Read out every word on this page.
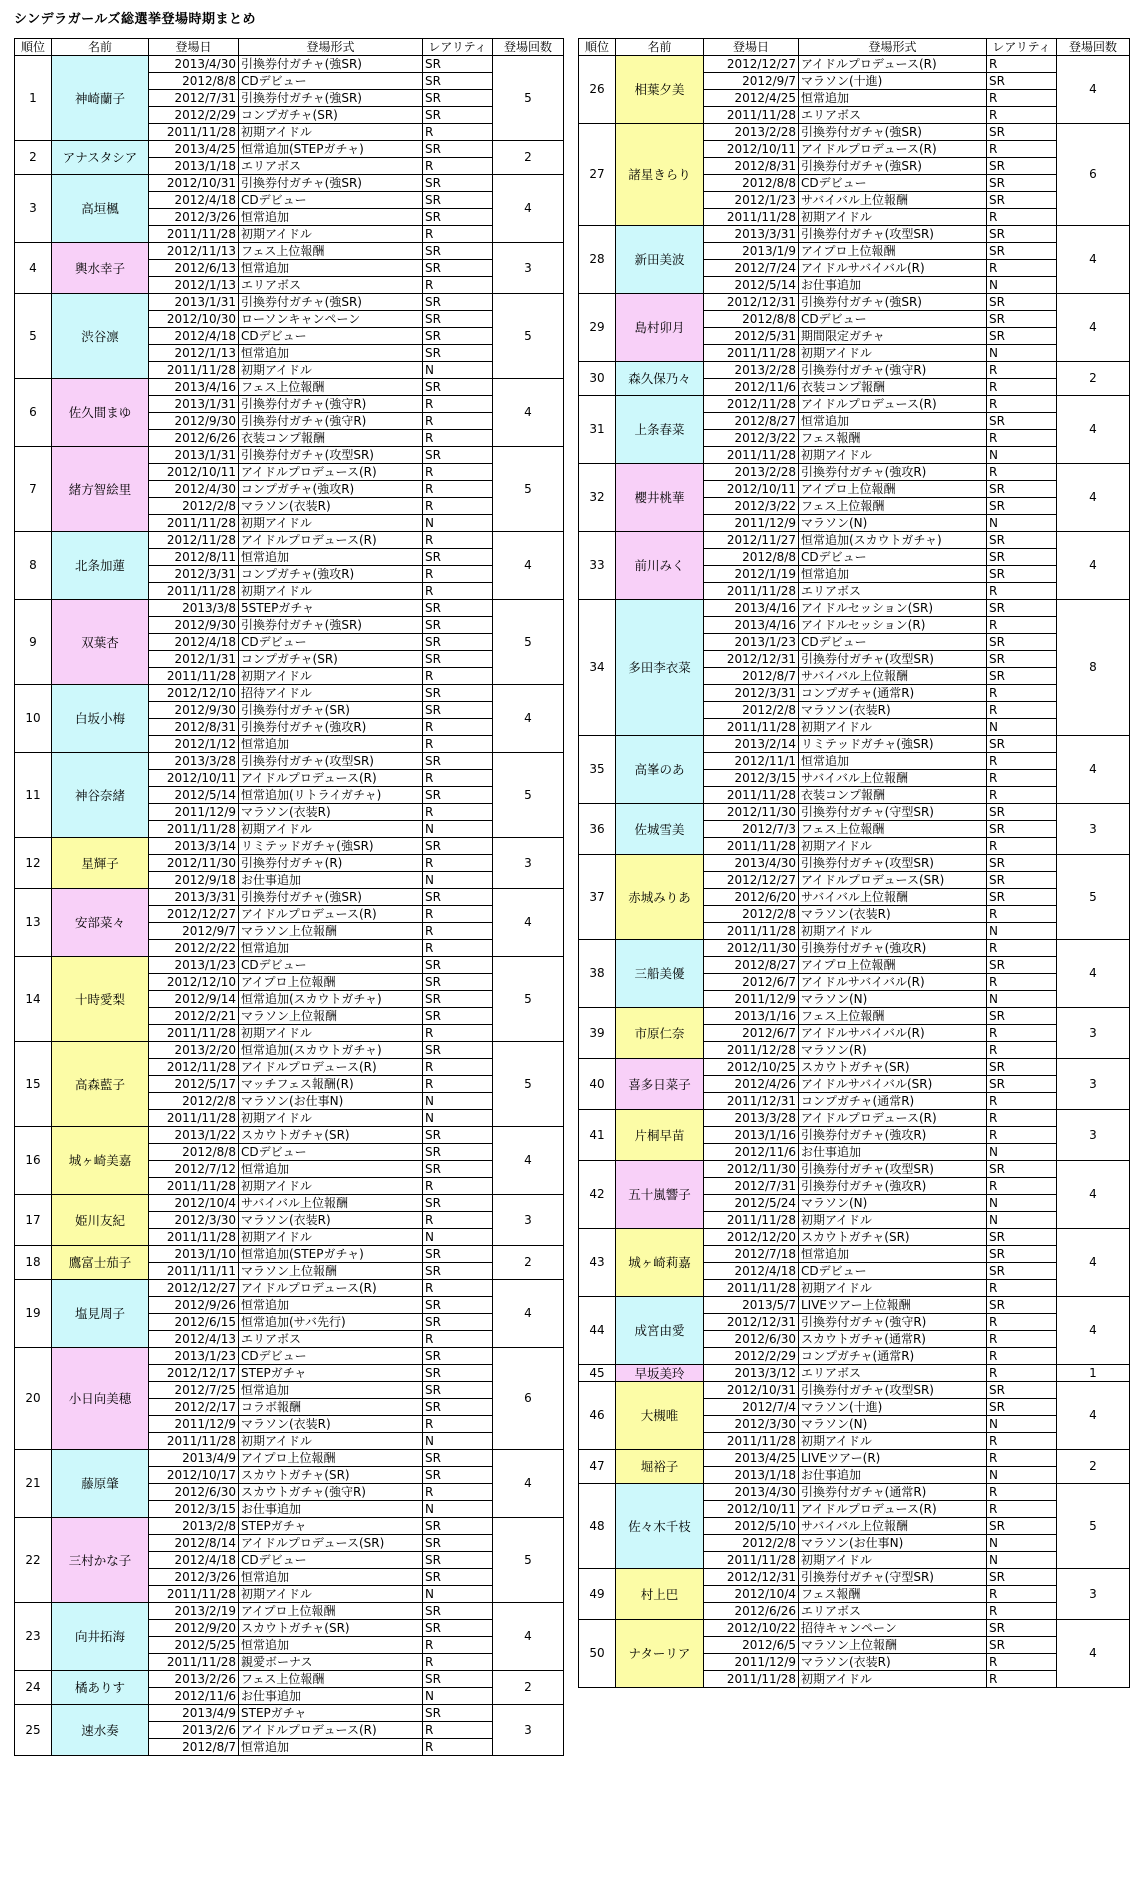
シンデラガールズ総選挙登場時期まとめ
順位	名前	登場日	登場形式	レアリティ	登場回数
1	神崎蘭子	2013/4/30	引換券付ガチャ(強SR)	SR	5
		2012/8/8	CDデビュー	SR	
		2012/7/31	引換券付ガチャ(強SR)	SR	
		2012/2/29	コンプガチャ(SR)	SR	
		2011/11/28	初期アイドル	R	
2	アナスタシア	2013/4/25	恒常追加(STEPガチャ)	SR	2
		2013/1/18	エリアボス	R	
3	高垣楓	2012/10/31	引換券付ガチャ(強SR)	SR	4
		2012/4/18	CDデビュー	SR	
		2012/3/26	恒常追加	SR	
		2011/11/28	初期アイドル	R	
4	輿水幸子	2012/11/13	フェス上位報酬	SR	3
		2012/6/13	恒常追加	SR	
		2012/1/13	エリアボス	R	
5	渋谷凛	2013/1/31	引換券付ガチャ(強SR)	SR	5
		2012/10/30	ローソンキャンペーン	SR	
		2012/4/18	CDデビュー	SR	
		2012/1/13	恒常追加	SR	
		2011/11/28	初期アイドル	N	
6	佐久間まゆ	2013/4/16	フェス上位報酬	SR	4
		2013/1/31	引換券付ガチャ(強守R)	R	
		2012/9/30	引換券付ガチャ(強守R)	R	
		2012/6/26	衣装コンプ報酬	R	
7	緒方智絵里	2013/1/31	引換券付ガチャ(攻型SR)	SR	5
		2012/10/11	アイドルプロデュース(R)	R	
		2012/4/30	コンプガチャ(強攻R)	R	
		2012/2/8	マラソン(衣装R)	R	
		2011/11/28	初期アイドル	N	
8	北条加蓮	2012/11/28	アイドルプロデュース(R)	R	4
		2012/8/11	恒常追加	SR	
		2012/3/31	コンプガチャ(強攻R)	R	
		2011/11/28	初期アイドル	R	
9	双葉杏	2013/3/8	5STEPガチャ	SR	5
		2012/9/30	引換券付ガチャ(強SR)	SR	
		2012/4/18	CDデビュー	SR	
		2012/1/31	コンプガチャ(SR)	SR	
		2011/11/28	初期アイドル	R	
10	白坂小梅	2012/12/10	招待アイドル	SR	4
		2012/9/30	引換券付ガチャ(SR)	SR	
		2012/8/31	引換券付ガチャ(強攻R)	R	
		2012/1/12	恒常追加	R	
11	神谷奈緒	2013/3/28	引換券付ガチャ(攻型SR)	SR	5
		2012/10/11	アイドルプロデュース(R)	R	
		2012/5/14	恒常追加(リトライガチャ)	SR	
		2011/12/9	マラソン(衣装R)	R	
		2011/11/28	初期アイドル	N	
12	星輝子	2013/3/14	リミテッドガチャ(強SR)	SR	3
		2012/11/30	引換券付ガチャ(R)	R	
		2012/9/18	お仕事追加	N	
13	安部菜々	2013/3/31	引換券付ガチャ(強SR)	SR	4
		2012/12/27	アイドルプロデュース(R)	R	
		2012/9/7	マラソン上位報酬	R	
		2012/2/22	恒常追加	R	
14	十時愛梨	2013/1/23	CDデビュー	SR	5
		2012/12/10	アイプロ上位報酬	SR	
		2012/9/14	恒常追加(スカウトガチャ)	SR	
		2012/2/21	マラソン上位報酬	SR	
		2011/11/28	初期アイドル	R	
15	高森藍子	2013/2/20	恒常追加(スカウトガチャ)	SR	5
		2012/11/28	アイドルプロデュース(R)	R	
		2012/5/17	マッチフェス報酬(R)	R	
		2012/2/8	マラソン(お仕事N)	N	
		2011/11/28	初期アイドル	N	
16	城ヶ崎美嘉	2013/1/22	スカウトガチャ(SR)	SR	4
		2012/8/8	CDデビュー	SR	
		2012/7/12	恒常追加	SR	
		2011/11/28	初期アイドル	R	
17	姫川友紀	2012/10/4	サバイバル上位報酬	SR	3
		2012/3/30	マラソン(衣装R)	R	
		2011/11/28	初期アイドル	N	
18	鷹富士茄子	2013/1/10	恒常追加(STEPガチャ)	SR	2
		2011/11/11	マラソン上位報酬	SR	
19	塩見周子	2012/12/27	アイドルプロデュース(R)	R	4
		2012/9/26	恒常追加	SR	
		2012/6/15	恒常追加(サバ先行)	SR	
		2012/4/13	エリアボス	R	
20	小日向美穂	2013/1/23	CDデビュー	SR	6
		2012/12/17	STEPガチャ	SR	
		2012/7/25	恒常追加	SR	
		2012/2/17	コラボ報酬	SR	
		2011/12/9	マラソン(衣装R)	R	
		2011/11/28	初期アイドル	N	
21	藤原肇	2013/4/9	アイプロ上位報酬	SR	4
		2012/10/17	スカウトガチャ(SR)	SR	
		2012/6/30	スカウトガチャ(強守R)	R	
		2012/3/15	お仕事追加	N	
22	三村かな子	2013/2/8	STEPガチャ	SR	5
		2012/8/14	アイドルプロデュース(SR)	SR	
		2012/4/18	CDデビュー	SR	
		2012/3/26	恒常追加	SR	
		2011/11/28	初期アイドル	N	
23	向井拓海	2013/2/19	アイプロ上位報酬	SR	4
		2012/9/20	スカウトガチャ(SR)	SR	
		2012/5/25	恒常追加	R	
		2011/11/28	親愛ボーナス	R	
24	橘ありす	2013/2/26	フェス上位報酬	SR	2
		2012/11/6	お仕事追加	N	
25	速水奏	2013/4/9	STEPガチャ	SR	3
		2013/2/6	アイドルプロデュース(R)	R	
		2012/8/7	恒常追加	R	
順位	名前	登場日	登場形式	レアリティ	登場回数
26	相葉夕美	2012/12/27	アイドルプロデュース(R)	R	4
		2012/9/7	マラソン(十進)	SR	
		2012/4/25	恒常追加	R	
		2011/11/28	エリアボス	R	
27	諸星きらり	2013/2/28	引換券付ガチャ(強SR)	SR	6
		2012/10/11	アイドルプロデュース(R)	R	
		2012/8/31	引換券付ガチャ(強SR)	SR	
		2012/8/8	CDデビュー	SR	
		2012/1/23	サバイバル上位報酬	SR	
		2011/11/28	初期アイドル	R	
28	新田美波	2013/3/31	引換券付ガチャ(攻型SR)	SR	4
		2013/1/9	アイプロ上位報酬	SR	
		2012/7/24	アイドルサバイバル(R)	R	
		2012/5/14	お仕事追加	N	
29	島村卯月	2012/12/31	引換券付ガチャ(強SR)	SR	4
		2012/8/8	CDデビュー	SR	
		2012/5/31	期間限定ガチャ	SR	
		2011/11/28	初期アイドル	N	
30	森久保乃々	2013/2/28	引換券付ガチャ(強守R)	R	2
		2012/11/6	衣装コンプ報酬	R	
31	上条春菜	2012/11/28	アイドルプロデュース(R)	R	4
		2012/8/27	恒常追加	SR	
		2012/3/22	フェス報酬	R	
		2011/11/28	初期アイドル	N	
32	櫻井桃華	2013/2/28	引換券付ガチャ(強攻R)	R	4
		2012/10/11	アイプロ上位報酬	SR	
		2012/3/22	フェス上位報酬	SR	
		2011/12/9	マラソン(N)	N	
33	前川みく	2012/11/27	恒常追加(スカウトガチャ)	SR	4
		2012/8/8	CDデビュー	SR	
		2012/1/19	恒常追加	SR	
		2011/11/28	エリアボス	R	
34	多田李衣菜	2013/4/16	アイドルセッション(SR)	SR	8
		2013/4/16	アイドルセッション(R)	R	
		2013/1/23	CDデビュー	SR	
		2012/12/31	引換券付ガチャ(攻型SR)	SR	
		2012/8/7	サバイバル上位報酬	SR	
		2012/3/31	コンプガチャ(通常R)	R	
		2012/2/8	マラソン(衣装R)	R	
		2011/11/28	初期アイドル	N	
35	高峯のあ	2013/2/14	リミテッドガチャ(強SR)	SR	4
		2012/11/1	恒常追加	R	
		2012/3/15	サバイバル上位報酬	R	
		2011/11/28	衣装コンプ報酬	R	
36	佐城雪美	2012/11/30	引換券付ガチャ(守型SR)	SR	3
		2012/7/3	フェス上位報酬	SR	
		2011/11/28	初期アイドル	R	
37	赤城みりあ	2013/4/30	引換券付ガチャ(攻型SR)	SR	5
		2012/12/27	アイドルプロデュース(SR)	SR	
		2012/6/20	サバイバル上位報酬	SR	
		2012/2/8	マラソン(衣装R)	R	
		2011/11/28	初期アイドル	N	
38	三船美優	2012/11/30	引換券付ガチャ(強攻R)	R	4
		2012/8/27	アイプロ上位報酬	SR	
		2012/6/7	アイドルサバイバル(R)	R	
		2011/12/9	マラソン(N)	N	
39	市原仁奈	2013/1/16	フェス上位報酬	SR	3
		2012/6/7	アイドルサバイバル(R)	R	
		2011/12/28	マラソン(R)	R	
40	喜多日菜子	2012/10/25	スカウトガチャ(SR)	SR	3
		2012/4/26	アイドルサバイバル(SR)	SR	
		2011/12/31	コンプガチャ(通常R)	R	
41	片桐早苗	2013/3/28	アイドルプロデュース(R)	R	3
		2013/1/16	引換券付ガチャ(強攻R)	R	
		2012/11/6	お仕事追加	N	
42	五十嵐響子	2012/11/30	引換券付ガチャ(攻型SR)	SR	4
		2012/7/31	引換券付ガチャ(強攻R)	R	
		2012/5/24	マラソン(N)	N	
		2011/11/28	初期アイドル	N	
43	城ヶ崎莉嘉	2012/12/20	スカウトガチャ(SR)	SR	4
		2012/7/18	恒常追加	SR	
		2012/4/18	CDデビュー	SR	
		2011/11/28	初期アイドル	R	
44	成宮由愛	2013/5/7	LIVEツアー上位報酬	SR	4
		2012/12/31	引換券付ガチャ(強守R)	R	
		2012/6/30	スカウトガチャ(通常R)	R	
		2012/2/29	コンプガチャ(通常R)	R	
45	早坂美玲	2013/3/12	エリアボス	R	1
46	大槻唯	2012/10/31	引換券付ガチャ(攻型SR)	SR	4
		2012/7/4	マラソン(十進)	SR	
		2012/3/30	マラソン(N)	N	
		2011/11/28	初期アイドル	R	
47	堀裕子	2013/4/25	LIVEツアー(R)	R	2
		2013/1/18	お仕事追加	N	
48	佐々木千枝	2013/4/30	引換券付ガチャ(通常R)	R	5
		2012/10/11	アイドルプロデュース(R)	R	
		2012/5/10	サバイバル上位報酬	SR	
		2012/2/8	マラソン(お仕事N)	N	
		2011/11/28	初期アイドル	N	
49	村上巴	2012/12/31	引換券付ガチャ(守型SR)	SR	3
		2012/10/4	フェス報酬	R	
		2012/6/26	エリアボス	R	
50	ナターリア	2012/10/22	招待キャンペーン	SR	4
		2012/6/5	マラソン上位報酬	SR	
		2011/12/9	マラソン(衣装R)	R	
		2011/11/28	初期アイドル	R	
